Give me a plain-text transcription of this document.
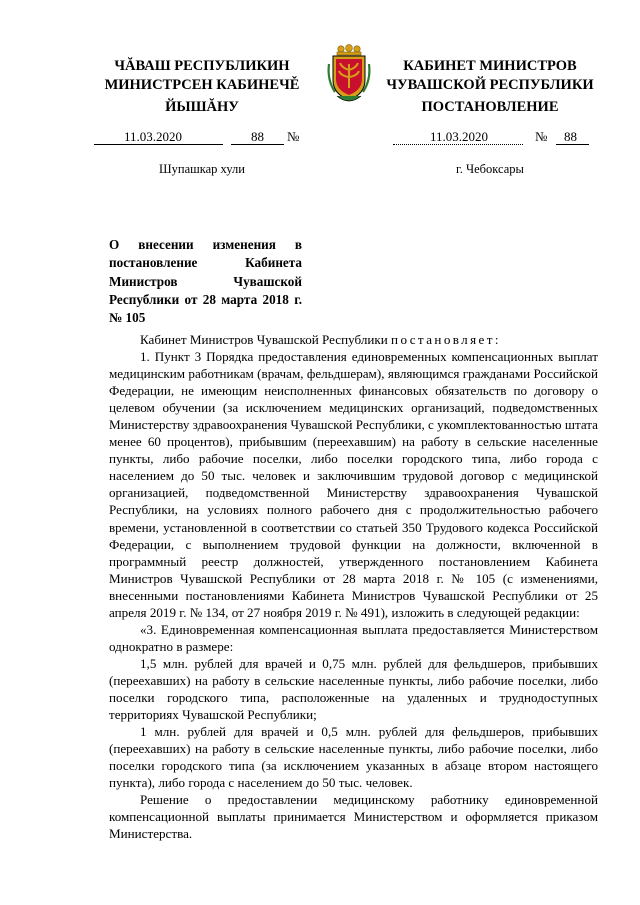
ЧĂВАШ РЕСПУБЛИКИН
МИНИСТРСЕН КАБИНЕЧĚ
ЙЫШĂНУ
11.03.2020	88 №
Шупашкар хули
КАБИНЕТ МИНИСТРОВ
ЧУВАШСКОЙ РЕСПУБЛИКИ
ПОСТАНОВЛЕНИЕ
11.03.2020	№ 88
г. Чебоксары
О внесении изменения в постановление Кабинета Министров Чувашской Республики от 28 марта 2018 г. № 105

Кабинет Министров Чувашской Республики постановляет:

1. Пункт 3 Порядка предоставления единовременных компенсационных выплат медицинским работникам (врачам, фельдшерам), являющимся гражданами Российской Федерации, не имеющим неисполненных финансовых обязательств по договору о целевом обучении (за исключением медицинских организаций, подведомственных Министерству здравоохранения Чувашской Республики, с укомплектованностью штата менее 60 процентов), прибывшим (переехавшим) на работу в сельские населенные пункты, либо рабочие поселки, либо поселки городского типа, либо города с населением до 50 тыс. человек и заключившим трудовой договор с медицинской организацией, подведомственной Министерству здравоохранения Чувашской Республики, на условиях полного рабочего дня с продолжительностью рабочего времени, установленной в соответствии со статьей 350 Трудового кодекса Российской Федерации, с выполнением трудовой функции на должности, включенной в программный реестр должностей, утвержденного постановлением Кабинета Министров Чувашской Республики от 28 марта 2018 г. № 105 (с изменениями, внесенными постановлениями Кабинета Министров Чувашской Республики от 25 апреля 2019 г. № 134, от 27 ноября 2019 г. № 491), изложить в следующей редакции:

«3. Единовременная компенсационная выплата предоставляется Министерством однократно в размере:

1,5 млн. рублей для врачей и 0,75 млн. рублей для фельдшеров, прибывших (переехавших) на работу в сельские населенные пункты, либо рабочие поселки, либо поселки городского типа, расположенные на удаленных и труднодоступных территориях Чувашской Республики;

1 млн. рублей для врачей и 0,5 млн. рублей для фельдшеров, прибывших (переехавших) на работу в сельские населенные пункты, либо рабочие поселки, либо поселки городского типа (за исключением указанных в абзаце втором настоящего пункта), либо города с населением до 50 тыс. человек.

Решение о предоставлении медицинскому работнику единовременной компенсационной выплаты принимается Министерством и оформляется приказом Министерства.
